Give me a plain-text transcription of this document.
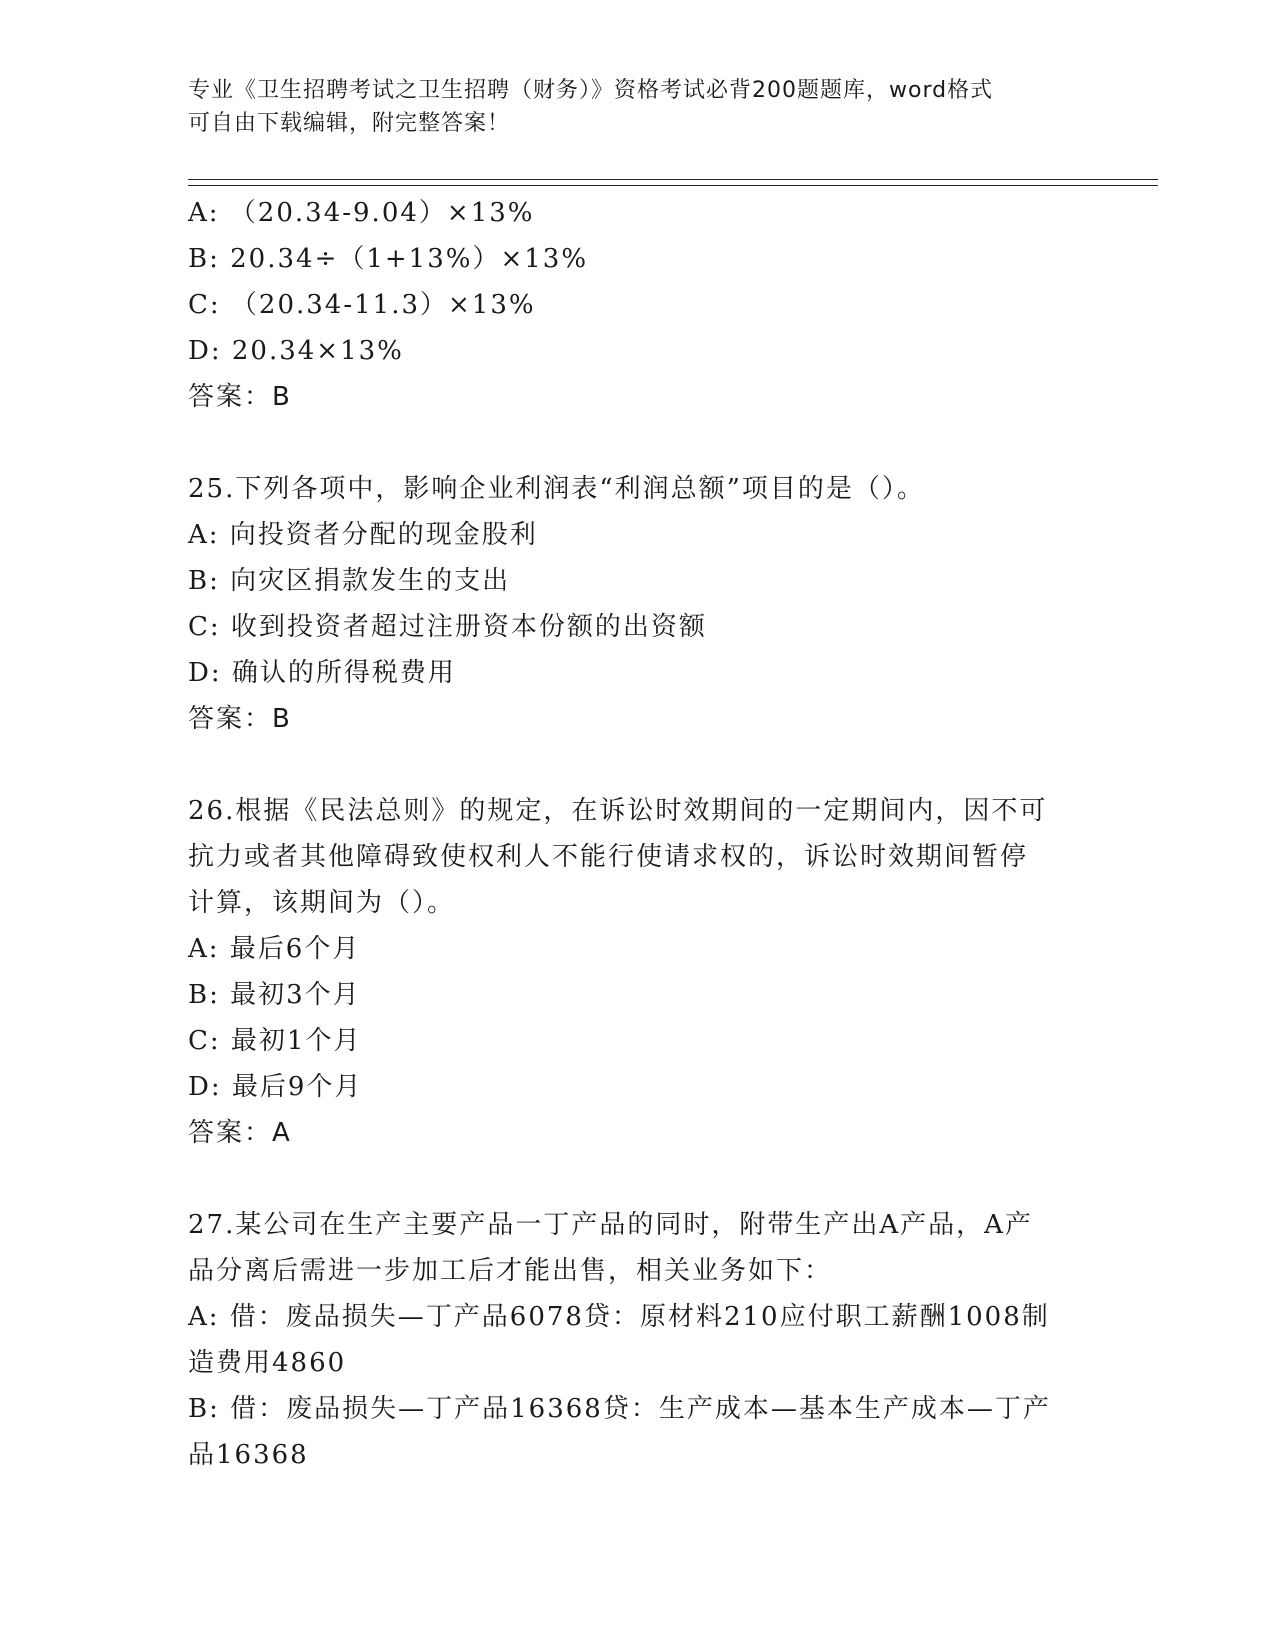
专业《卫生招聘考试之卫生招聘（财务）》资格考试必背200题题库，word格式
可自由下载编辑，附完整答案！
A: （20.34-9.04）×13%
B: 20.34÷（1+13%）×13%
C: （20.34-11.3）×13%
D: 20.34×13%
答案：B
25.下列各项中，影响企业利润表“利润总额”项目的是（）。
A: 向投资者分配的现金股利
B: 向灾区捐款发生的支出
C: 收到投资者超过注册资本份额的出资额
D: 确认的所得税费用
答案：B
26.根据《民法总则》的规定，在诉讼时效期间的一定期间内，因不可
抗力或者其他障碍致使权利人不能行使请求权的，诉讼时效期间暂停
计算，该期间为（）。
A: 最后6个月
B: 最初3个月
C: 最初1个月
D: 最后9个月
答案：A
27.某公司在生产主要产品一丁产品的同时，附带生产出A产品，A产
品分离后需进一步加工后才能出售，相关业务如下：
A: 借：废品损失—丁产品6078贷：原材料210应付职工薪酬1008制
造费用4860
B: 借：废品损失—丁产品16368贷：生产成本—基本生产成本—丁产
品16368
